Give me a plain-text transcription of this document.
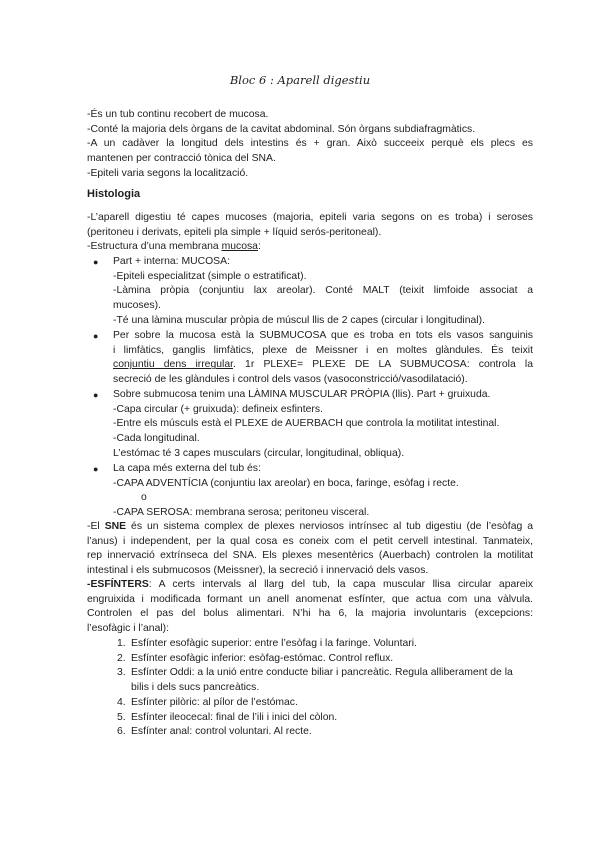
Bloc 6 : Aparell digestiu
-És un tub continu recobert de mucosa.
-Conté la majoria dels òrgans de la cavitat abdominal. Són òrgans subdiafragmàtics.
-A un cadàver la longitud dels intestins és + gran. Això succeeix perquè els plecs es
mantenen per contracció tònica del SNA.
-Epiteli varia segons la localització.
Histologia
-L’aparell digestiu té capes mucoses (majoria, epiteli varia segons on es troba) i seroses
(peritoneu i derivats, epiteli pla simple + líquid serós-peritoneal).
-Estructura d’una membrana mucosa:
● Part + interna: MUCOSA:
-Epiteli especialitzat (simple o estratificat).
-Làmina pròpia (conjuntiu lax areolar). Conté MALT (teixit limfoide associat a
mucoses).
-Té una làmina muscular pròpia de múscul llis de 2 capes (circular i longitudinal).
● Per sobre la mucosa està la SUBMUCOSA que es troba en tots els vasos sanguinis
i limfàtics, ganglis limfàtics, plexe de Meissner i en moltes glàndules. És teixit
conjuntiu dens irregular. 1r PLEXE= PLEXE DE LA SUBMUCOSA: controla la
secreció de les glàndules i control dels vasos (vasoconstricció/vasodilatació).
● Sobre submucosa tenim una LÀMINA MUSCULAR PRÒPIA (llis). Part + gruixuda.
-Capa circular (+ gruixuda): defineix esfinters.
-Entre els músculs està el PLEXE de AUERBACH que controla la motilitat intestinal.
-Cada longitudinal.
L’estómac té 3 capes musculars (circular, longitudinal, obliqua).
● La capa més externa del tub és:
-CAPA ADVENTÍCIA (conjuntiu lax areolar) en boca, faringe, esòfag i recte.
o
-CAPA SEROSA: membrana serosa; peritoneu visceral.
-El SNE és un sistema complex de plexes nerviosos intrínsec al tub digestiu (de l’esòfag a
l’anus) i independent, per la qual cosa es coneix com el petit cervell intestinal. Tanmateix,
rep innervació extrínseca del SNA. Els plexes mesentèrics (Auerbach) controlen la motilitat
intestinal i els submucosos (Meissner), la secreció i innervació dels vasos.
-ESFÍNTERS: A certs intervals al llarg del tub, la capa muscular llisa circular apareix
engruixida i modificada formant un anell anomenat esfínter, que actua com una vàlvula.
Controlen el pas del bolus alimentari. N’hi ha 6, la majoria involuntaris (excepcions:
l’esofàgic i l’anal):
1. Esfínter esofàgic superior: entre l’esòfag i la faringe. Voluntari.
2. Esfínter esofàgic inferior: esòfag-estómac. Control reflux.
3. Esfínter Oddi: a la unió entre conducte biliar i pancreàtic. Regula alliberament de la
bilis i dels sucs pancreàtics.
4. Esfínter pilòric: al pílor de l’estómac.
5. Esfínter ileocecal: final de l’ili i inici del còlon.
6. Esfínter anal: control voluntari. Al recte.
